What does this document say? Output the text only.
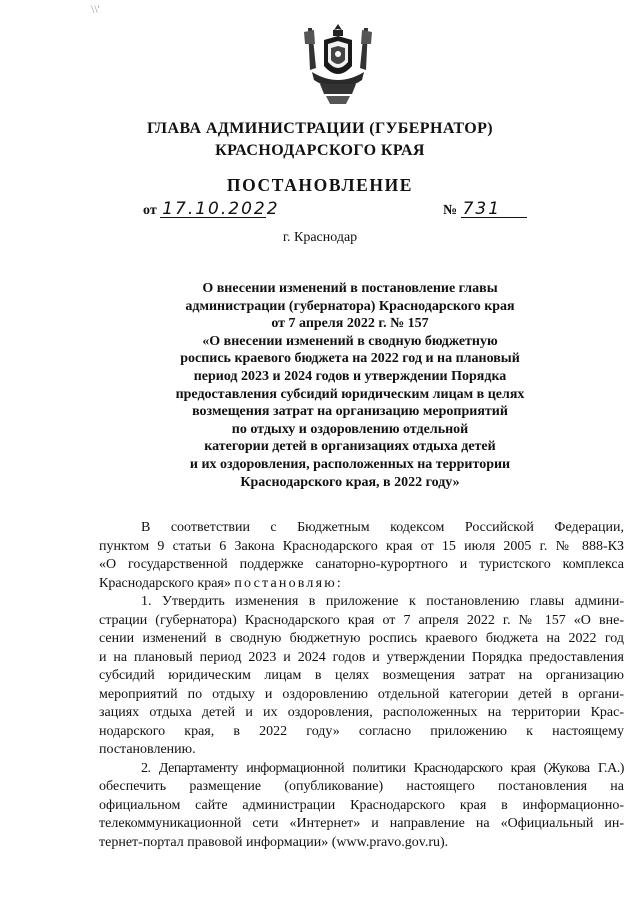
\\'
ГЛАВА АДМИНИСТРАЦИИ (ГУБЕРНАТОР)
КРАСНОДАРСКОГО КРАЯ
ПОСТАНОВЛЕНИЕ
от 17.10.2022	№ 731
г. Краснодар
О внесении изменений в постановление главы
администрации (губернатора) Краснодарского края
от 7 апреля 2022 г. № 157
«О внесении изменений в сводную бюджетную
роспись краевого бюджета на 2022 год и на плановый
период 2023 и 2024 годов и утверждении Порядка
предоставления субсидий юридическим лицам в целях
возмещения затрат на организацию мероприятий
по отдыху и оздоровлению отдельной
категории детей в организациях отдыха детей
и их оздоровления, расположенных на территории
Краснодарского края, в 2022 году»
В соответствии с Бюджетным кодексом Российской Федерации,
пунктом 9 статьи 6 Закона Краснодарского края от 15 июля 2005 г. № 888-КЗ
«О государственной поддержке санаторно-курортного и туристского комплекса
Краснодарского края» постановляю:
1. Утвердить изменения в приложение к постановлению главы админи-
страции (губернатора) Краснодарского края от 7 апреля 2022 г. № 157 «О вне-
сении изменений в сводную бюджетную роспись краевого бюджета на 2022 год
и на плановый период 2023 и 2024 годов и утверждении Порядка предоставления
субсидий юридическим лицам в целях возмещения затрат на организацию
мероприятий по отдыху и оздоровлению отдельной категории детей в органи-
зациях отдыха детей и их оздоровления, расположенных на территории Крас-
нодарского края, в 2022 году» согласно приложению к настоящему
постановлению.
2. Департаменту информационной политики Краснодарского края (Жукова Г.А.)
обеспечить размещение (опубликование) настоящего постановления на
официальном сайте администрации Краснодарского края в информационно-
телекоммуникационной сети «Интернет» и направление на «Официальный ин-
тернет-портал правовой информации» (www.pravo.gov.ru).
